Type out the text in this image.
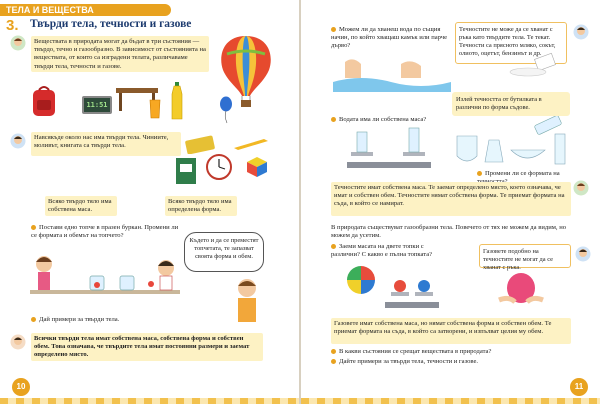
ТЕЛА И ВЕЩЕСТВА
3. Твърди тела, течности и газове
Веществата в природата могат да бъдат в три състояния — твърдо, течно и газообразно. В зависимост от състоянията на веществата, от които са изградени телата, различаваме твърди тела, течности и газове.
11:51
Навсякъде около нас има твърди тела. Чиниите, моливът, книгата са твърди тела.
Всяко твърдо тяло има собствена маса.
Всяко твърдо тяло има определена форма.
Постави едно топче в празен буркан. Промени ли се формата и обемът на топчето?
Където и да се преместят топчетата, те запазват своята форма и обем.
Дай примери за твърди тела.
Всички твърди тела имат собствена маса, собствена форма и собствен обем. Това означава, че твърдите тела имат постоянни размери и заемат определено място.
10
Можем ли да хванеш вода по същия начин, по който хващаш камък или парче дърво?
Течностите не може да се хванат с ръка като твърдите тела. Те текат. Течности са прясното мляко, сокът, олиото, оцетът, бензинът и др.
Водата има ли собствена маса?
Излей течността от бутилката в различни по форма съдове.
Промени ли се формата на
Течностите имат собствена маса. Те заемат определено място, което означава, че имат и собствен обем. Течностите нямат собствена форма. Те приемат формата на съда, в който се намират.
В природата съществуват газообразни тела. Повечето от тях не можем да видим, но можем да усетим.
Заеми масата на двете топки с различни? С какво е пълна топката?	Газовете подобно на течностите не могат да се хванат с ръка.
Газовете имат собствена маса, но нямат собствена форма и собствен обем. Те приемат формата на съда, в който са затворени, и изпълват целия му обем.
В какви състояния се срещат веществата в природата?
Дайте примери за твърди тела, течности и газове.
11
